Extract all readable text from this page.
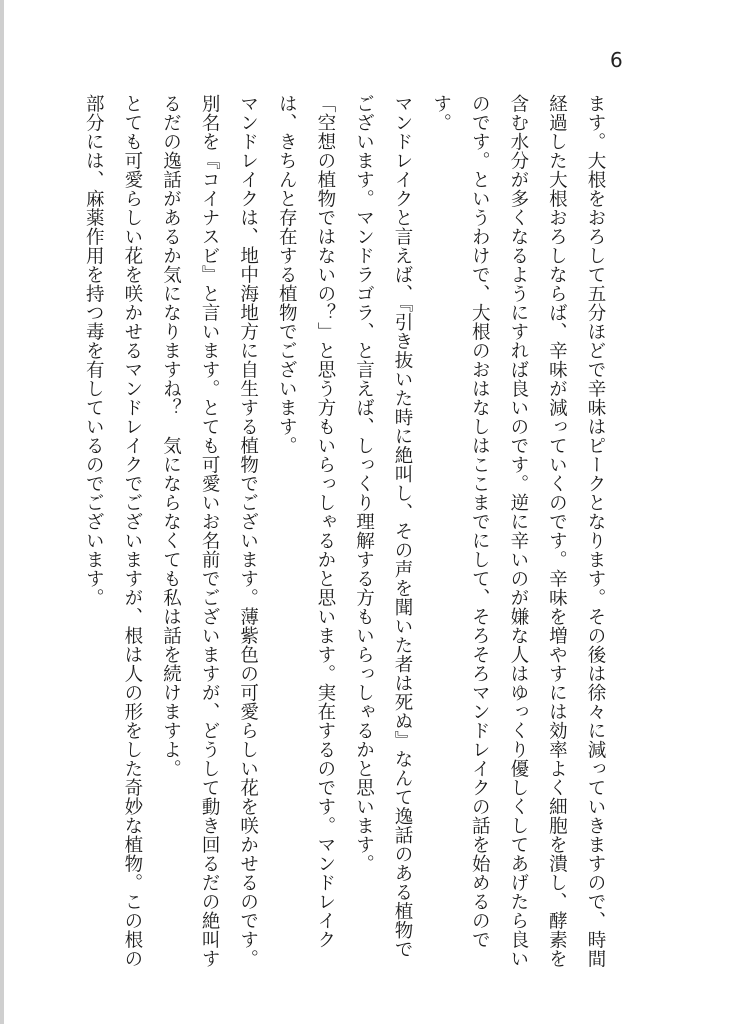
6

ます。大根をおろして五分ほどで辛味はピークとなります。その後は徐々に減っていきますので、時間経過した大根おろしならば、辛味が減っていくのです。辛味を増やすには効率よく細胞を潰し、酵素を含む水分が多くなるようにすれば良いのです。逆に辛いのが嫌な人はゆっくり優しくしてあげたら良いのです。というわけで、大根のおはなしはここまでにして、そろそろマンドレイクの話を始めるのです。

マンドレイクと言えば、『引き抜いた時に絶叫し、その声を聞いた者は死ぬ』なんて逸話のある植物でございます。マンドラゴラ、と言えば、しっくり理解する方もいらっしゃるかと思います。

「空想の植物ではないの？」と思う方もいらっしゃるかと思います。実在するのです。マンドレイクは、きちんと存在する植物でございます。

マンドレイクは、地中海地方に自生する植物でございます。薄紫色の可愛らしい花を咲かせるのです。別名を『コイナスビ』と言います。とても可愛いお名前でございますが、どうして動き回るだの絶叫するだの逸話があるか気になりますね？　気にならなくても私は話を続けますよ。

とても可愛らしい花を咲かせるマンドレイクでございますが、根は人の形をした奇妙な植物。この根の部分には、麻薬作用を持つ毒を有しているのでございます。
